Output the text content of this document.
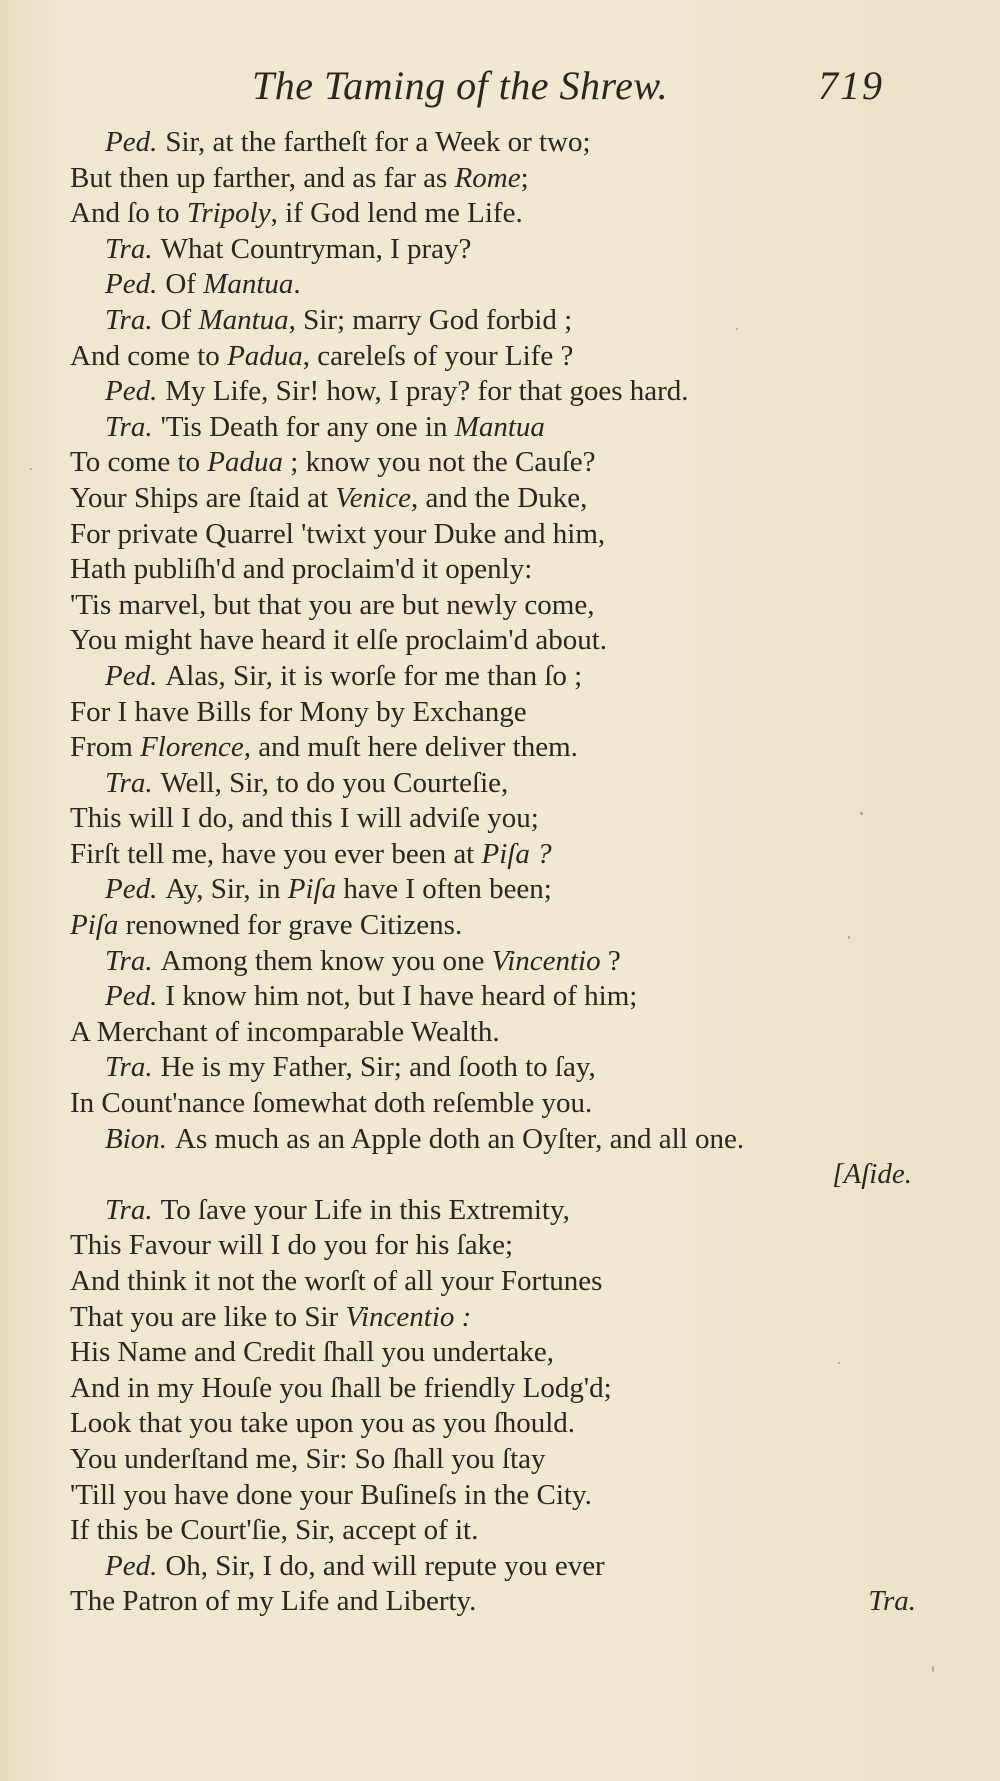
The Taming of the Shrew.	719
Ped. Sir, at the fartheſt for a Week or two;
But then up farther, and as far as Rome;
And ſo to Tripoly, if God lend me Life.
Tra. What Countryman, I pray?
Ped. Of Mantua.
Tra. Of Mantua, Sir; marry God forbid ;
And come to Padua, careleſs of your Life ?
Ped. My Life, Sir! how, I pray? for that goes hard.
Tra. 'Tis Death for any one in Mantua
To come to Padua ; know you not the Cauſe?
Your Ships are ſtaid at Venice, and the Duke,
For private Quarrel 'twixt your Duke and him,
Hath publiſh'd and proclaim'd it openly:
'Tis marvel, but that you are but newly come,
You might have heard it elſe proclaim'd about.
Ped. Alas, Sir, it is worſe for me than ſo ;
For I have Bills for Mony by Exchange
From Florence, and muſt here deliver them.
Tra. Well, Sir, to do you Courteſie,
This will I do, and this I will adviſe you;
Firſt tell me, have you ever been at Piſa ?
Ped. Ay, Sir, in Piſa have I often been;
Piſa renowned for grave Citizens.
Tra. Among them know you one Vincentio ?
Ped. I know him not, but I have heard of him;
A Merchant of incomparable Wealth.
Tra. He is my Father, Sir; and ſooth to ſay,
In Count'nance ſomewhat doth reſemble you.
Bion. As much as an Apple doth an Oyſter, and all one.
[Aſide.
Tra. To ſave your Life in this Extremity,
This Favour will I do you for his ſake;
And think it not the worſt of all your Fortunes
That you are like to Sir Vincentio :
His Name and Credit ſhall you undertake,
And in my Houſe you ſhall be friendly Lodg'd;
Look that you take upon you as you ſhould.
You underſtand me, Sir: So ſhall you ſtay
'Till you have done your Buſineſs in the City.
If this be Court'ſie, Sir, accept of it.
Ped. Oh, Sir, I do, and will repute you ever
The Patron of my Life and Liberty.	Tra.
